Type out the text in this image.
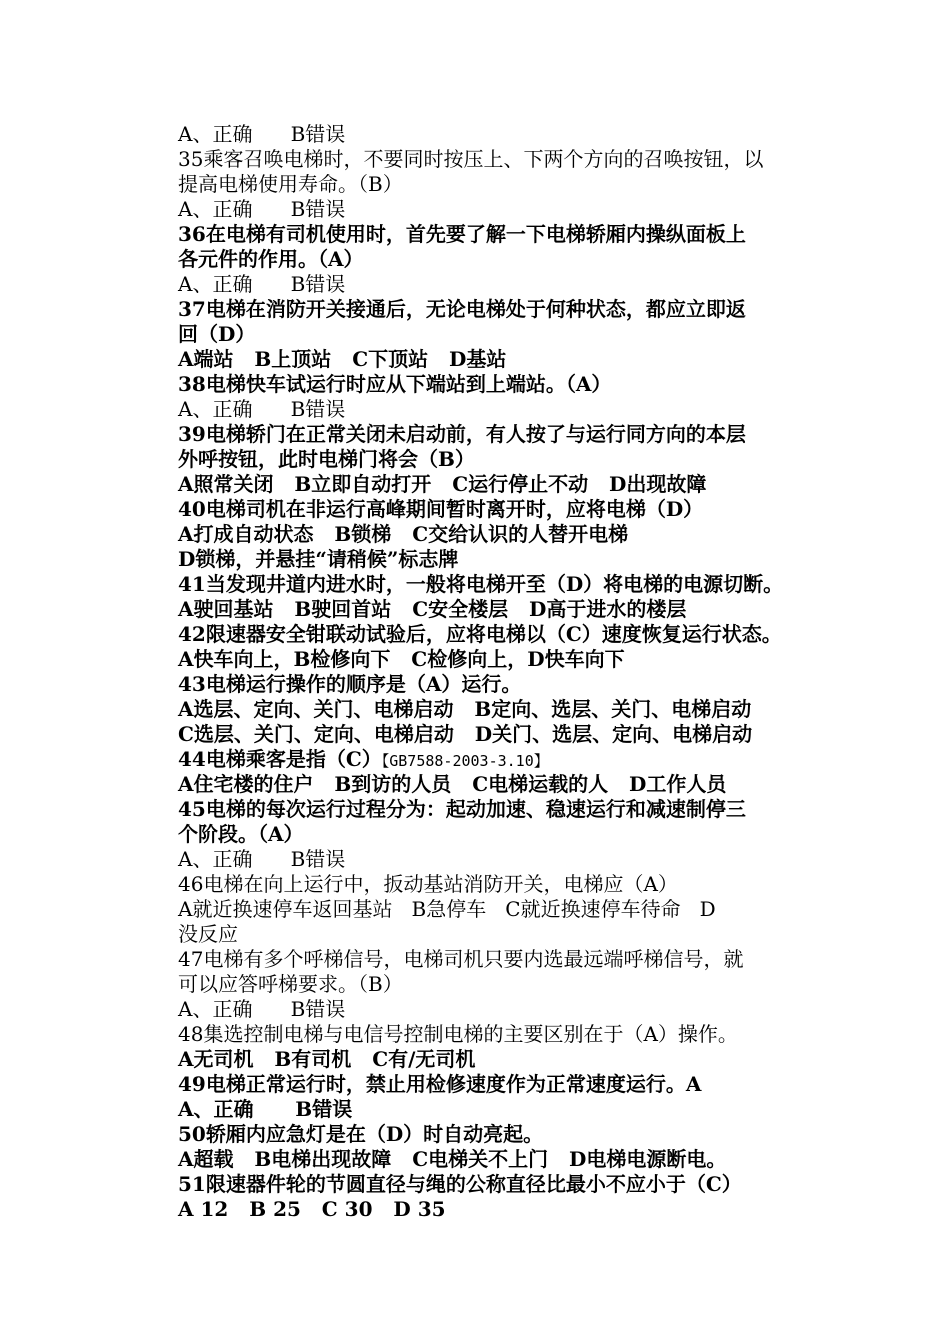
A、正确      B错误
35乘客召唤电梯时，不要同时按压上、下两个方向的召唤按钮，以
提高电梯使用寿命。（B）
A、正确      B错误
36在电梯有司机使用时，首先要了解一下电梯轿厢内操纵面板上
各元件的作用。（A）
A、正确      B错误
37电梯在消防开关接通后，无论电梯处于何种状态，都应立即返
回（D）
A端站   B上顶站   C下顶站   D基站
38电梯快车试运行时应从下端站到上端站。（A）
A、正确      B错误
39电梯轿门在正常关闭未启动前，有人按了与运行同方向的本层
外呼按钮，此时电梯门将会（B）
A照常关闭   B立即自动打开   C运行停止不动   D出现故障
40电梯司机在非运行高峰期间暂时离开时，应将电梯（D）
A打成自动状态   B锁梯   C交给认识的人替开电梯
D锁梯，并悬挂“请稍候”标志牌
41当发现井道内进水时，一般将电梯开至（D）将电梯的电源切断。
A驶回基站   B驶回首站   C安全楼层   D高于进水的楼层
42限速器安全钳联动试验后，应将电梯以（C）速度恢复运行状态。
A快车向上，B检修向下   C检修向上，D快车向下
43电梯运行操作的顺序是（A）运行。
A选层、定向、关门、电梯启动   B定向、选层、关门、电梯启动
C选层、关门、定向、电梯启动   D关门、选层、定向、电梯启动
44电梯乘客是指（C）【GB7588-2003-3.10】
A住宅楼的住户   B到访的人员   C电梯运载的人   D工作人员
45电梯的每次运行过程分为：起动加速、稳速运行和减速制停三
个阶段。（A）
A、正确      B错误
46电梯在向上运行中，扳动基站消防开关，电梯应（A）
A就近换速停车返回基站   B急停车   C就近换速停车待命   D
没反应
47电梯有多个呼梯信号，电梯司机只要内选最远端呼梯信号，就
可以应答呼梯要求。（B）
A、正确      B错误
48集选控制电梯与电信号控制电梯的主要区别在于（A）操作。
A无司机   B有司机   C有/无司机
49电梯正常运行时，禁止用检修速度作为正常速度运行。A
A、正确      B错误
50轿厢内应急灯是在（D）时自动亮起。
A超载   B电梯出现故障   C电梯关不上门   D电梯电源断电。
51限速器件轮的节圆直径与绳的公称直径比最小不应小于（C）
A 12   B 25   C 30   D 35
